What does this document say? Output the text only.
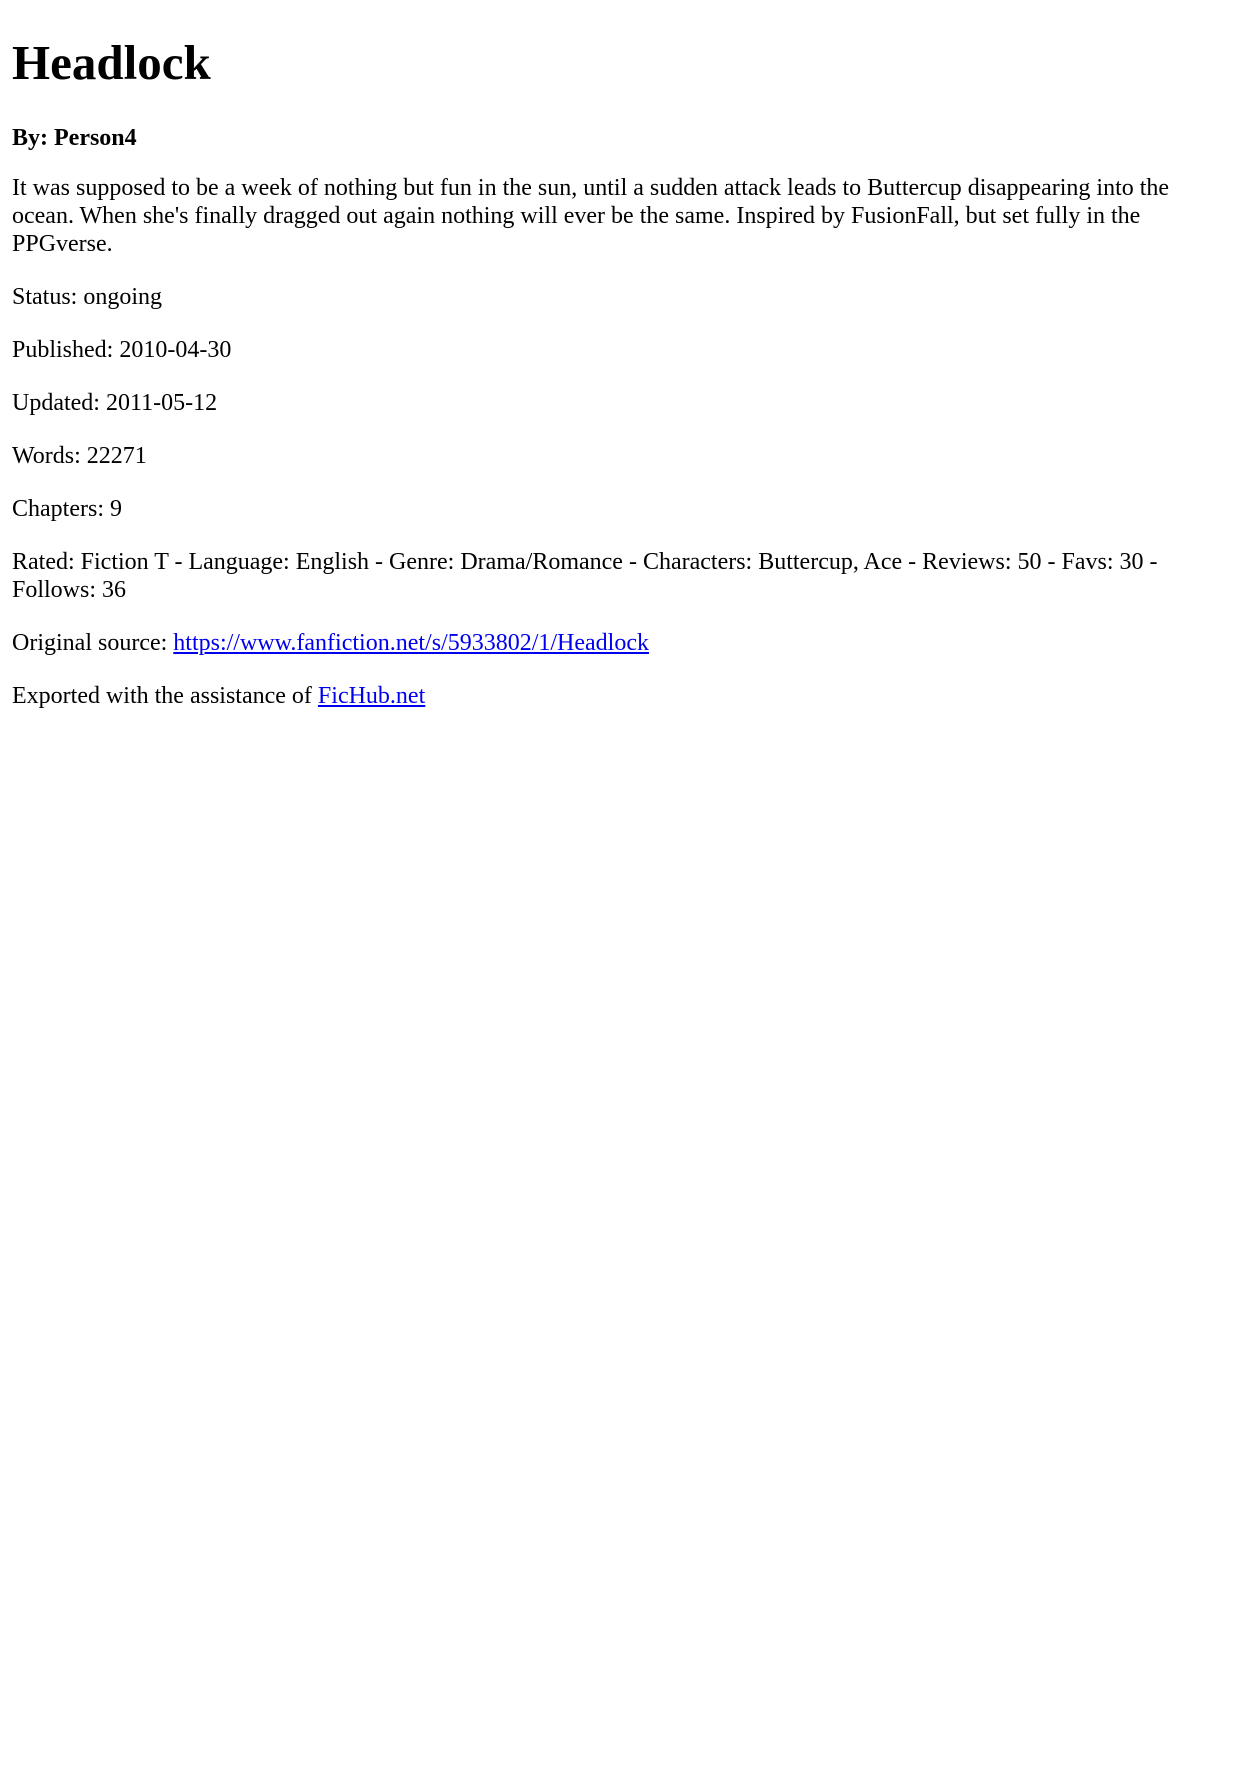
Headlock
By: Person4

It was supposed to be a week of nothing but fun in the sun, until a sudden attack leads to Buttercup disappearing into the ocean. When she's finally dragged out again nothing will ever be the same. Inspired by FusionFall, but set fully in the PPGverse.

Status: ongoing

Published: 2010-04-30

Updated: 2011-05-12

Words: 22271

Chapters: 9

Rated: Fiction T - Language: English - Genre: Drama/Romance - Characters: Buttercup, Ace - Reviews: 50 - Favs: 30 - Follows: 36

Original source: https://www.fanfiction.net/s/5933802/1/Headlock

Exported with the assistance of FicHub.net
